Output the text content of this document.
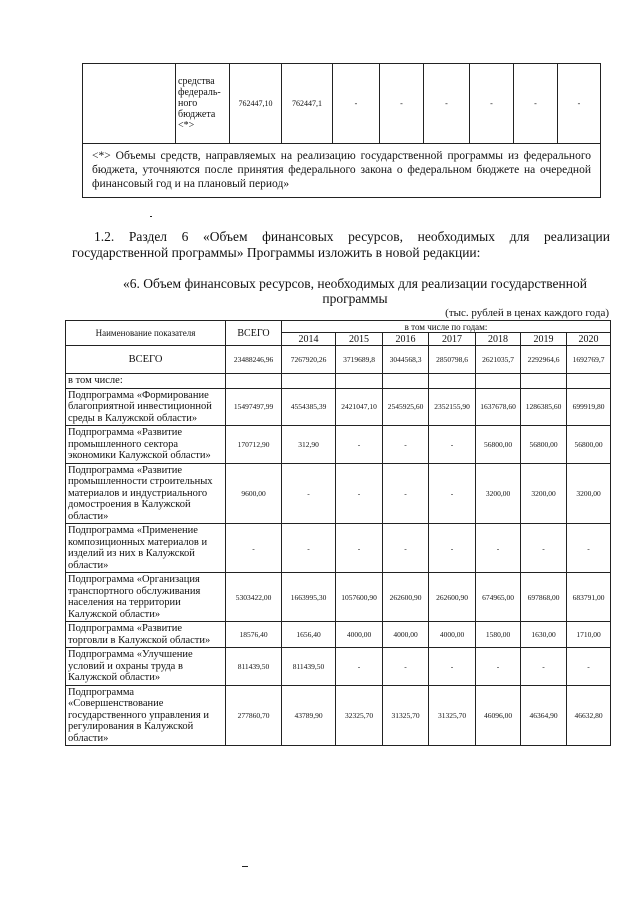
	средства федераль-ного бюджета <*>	762447,10	762447,1	-	-	-	-	-	-
<*> Объемы средств, направляемых на реализацию государственной программы из федерального бюджета, уточняются после принятия федерального закона о федеральном бюджете на очередной финансовый год и на плановый период»
1.2. Раздел 6 «Объем финансовых ресурсов, необходимых для реализации государственной программы» Программы изложить в новой редакции:
«6. Объем финансовых ресурсов, необходимых для реализации государственной программы
(тыс. рублей в ценах каждого года)
Наименование показателя	ВСЕГО	в том числе по годам:						
		2014	2015	2016	2017	2018	2019	2020
ВСЕГО	23488246,96	7267920,26	3719689,8	3044568,3	2850798,6	2621035,7	2292964,6	1692769,7
в том числе:								
Подпрограмма «Формирование благоприятной инвестиционной среды в Калужской области»	15497497,99	4554385,39	2421047,10	2545925,60	2352155,90	1637678,60	1286385,60	699919,80
Подпрограмма «Развитие промышленного сектора экономики Калужской области»	170712,90	312,90	-	-	-	56800,00	56800,00	56800,00
Подпрограмма «Развитие промышленности строительных материалов и индустриального домостроения в Калужской области»	9600,00	-	-	-	-	3200,00	3200,00	3200,00
Подпрограмма «Применение композиционных материалов и изделий из них в Калужской области»	-	-	-	-	-	-	-	-
Подпрограмма «Организация транспортного обслуживания населения на территории Калужской области»	5303422,00	1663995,30	1057600,90	262600,90	262600,90	674965,00	697868,00	683791,00
Подпрограмма «Развитие торговли в Калужской области»	18576,40	1656,40	4000,00	4000,00	4000,00	1580,00	1630,00	1710,00
Подпрограмма «Улучшение условий и охраны труда в Калужской области»	811439,50	811439,50	-	-	-	-	-	-
Подпрограмма «Совершенствование государственного управления и регулирования в Калужской области»	277860,70	43789,90	32325,70	31325,70	31325,70	46096,00	46364,90	46632,80
